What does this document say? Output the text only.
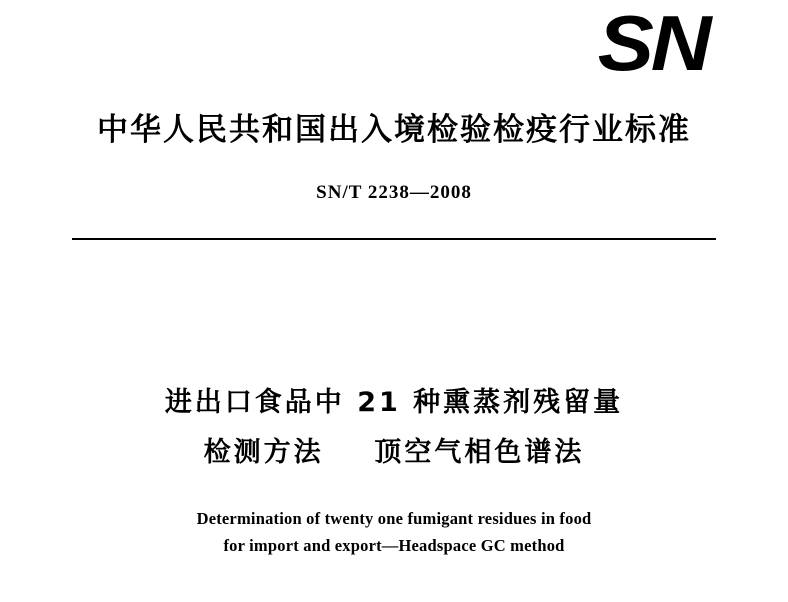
SN
中华人民共和国出入境检验检疫行业标准
SN/T 2238—2008
进出口食品中 21 种熏蒸剂残留量
检测方法 顶空气相色谱法
Determination of twenty one fumigant residues in food
for import and export—Headspace GC method
